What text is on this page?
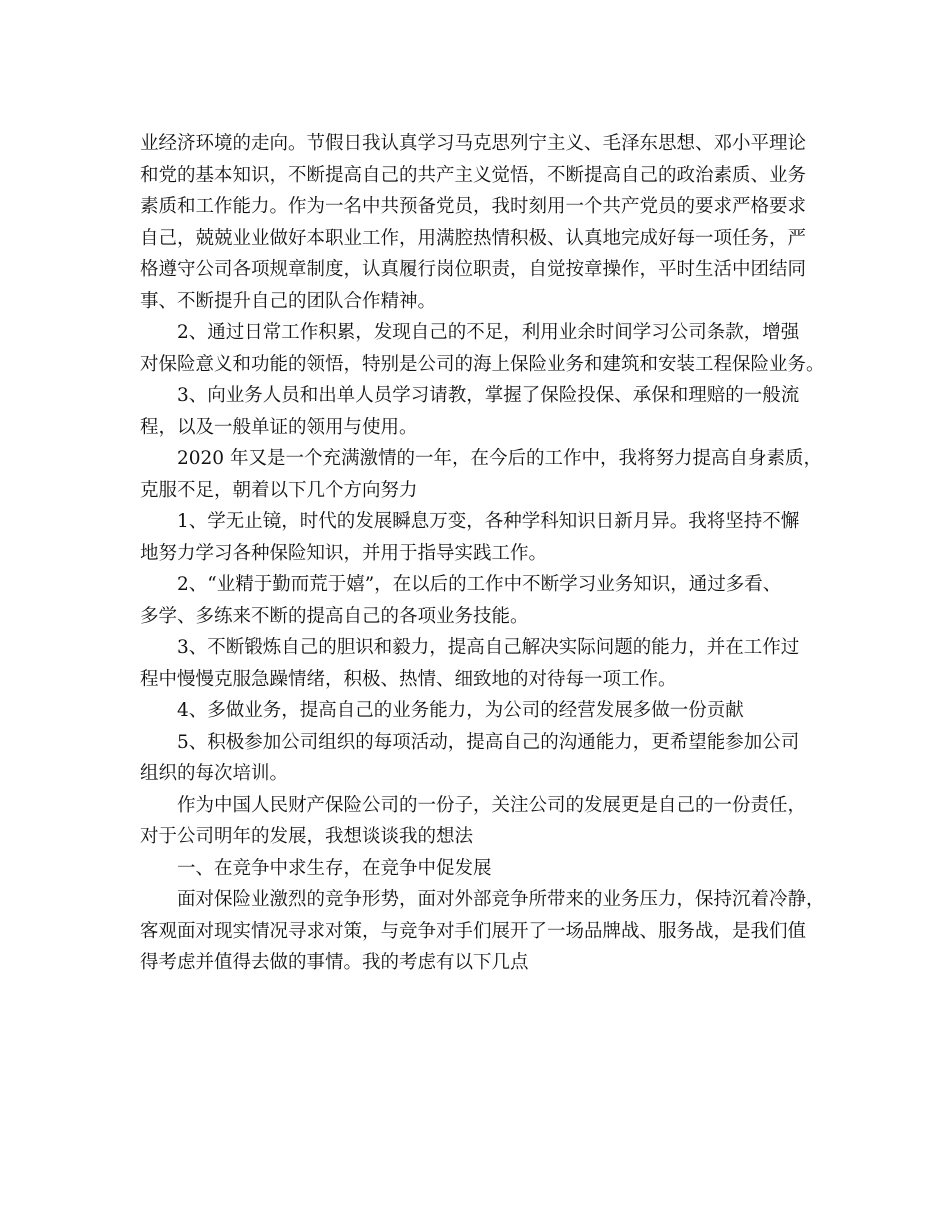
业经济环境的走向。节假日我认真学习马克思列宁主义、毛泽东思想、邓小平理论
和党的基本知识，不断提高自己的共产主义觉悟，不断提高自己的政治素质、业务
素质和工作能力。作为一名中共预备党员，我时刻用一个共产党员的要求严格要求
自己，兢兢业业做好本职业工作，用满腔热情积极、认真地完成好每一项任务，严
格遵守公司各项规章制度，认真履行岗位职责，自觉按章操作，平时生活中团结同
事、不断提升自己的团队合作精神。

2、通过日常工作积累，发现自己的不足，利用业余时间学习公司条款，增强
对保险意义和功能的领悟，特别是公司的海上保险业务和建筑和安装工程保险业务。

3、向业务人员和出单人员学习请教，掌握了保险投保、承保和理赔的一般流
程，以及一般单证的领用与使用。

2020 年又是一个充满激情的一年，在今后的工作中，我将努力提高自身素质，
克服不足，朝着以下几个方向努力

1、学无止镜，时代的发展瞬息万变，各种学科知识日新月异。我将坚持不懈
地努力学习各种保险知识，并用于指导实践工作。

2、“业精于勤而荒于嬉”，在以后的工作中不断学习业务知识，通过多看、
多学、多练来不断的提高自己的各项业务技能。

3、不断锻炼自己的胆识和毅力，提高自己解决实际问题的能力，并在工作过
程中慢慢克服急躁情绪，积极、热情、细致地的对待每一项工作。

4、多做业务，提高自己的业务能力，为公司的经营发展多做一份贡献

5、积极参加公司组织的每项活动，提高自己的沟通能力，更希望能参加公司
组织的每次培训。

作为中国人民财产保险公司的一份子，关注公司的发展更是自己的一份责任，
对于公司明年的发展，我想谈谈我的想法

一、在竞争中求生存，在竞争中促发展

面对保险业激烈的竞争形势，面对外部竞争所带来的业务压力，保持沉着冷静，
客观面对现实情况寻求对策，与竞争对手们展开了一场品牌战、服务战，是我们值
得考虑并值得去做的事情。我的考虑有以下几点
